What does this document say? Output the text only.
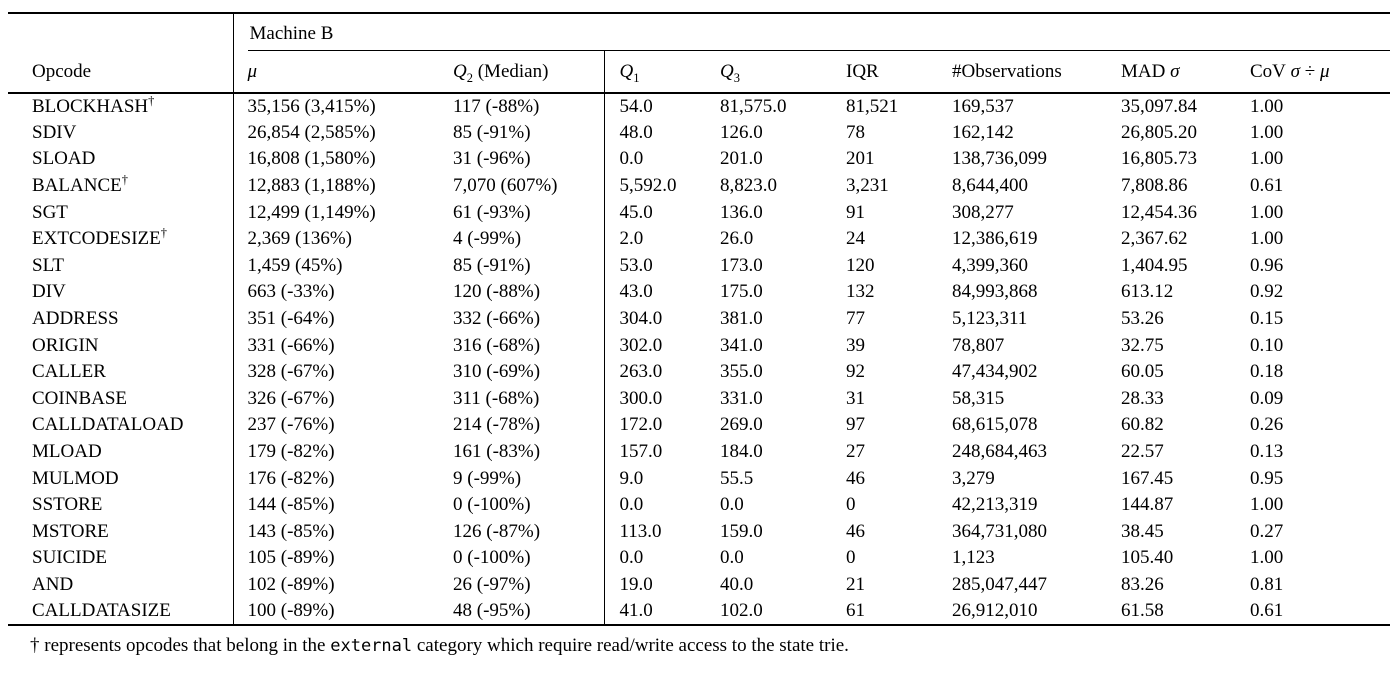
	Machine B							

Opcode	μ	$Q_2$ (Median)	$Q_1$	$Q_3$	IQR	#Observations	MAD σ	CoV σ ÷ μ
BLOCKHASH†	35,156 (3,415%)	117 (-88%)	54.0	81,575.0	81,521	169,537	35,097.84	1.00
SDIV	26,854 (2,585%)	85 (-91%)	48.0	126.0	78	162,142	26,805.20	1.00
SLOAD	16,808 (1,580%)	31 (-96%)	0.0	201.0	201	138,736,099	16,805.73	1.00
BALANCE†	12,883 (1,188%)	7,070 (607%)	5,592.0	8,823.0	3,231	8,644,400	7,808.86	0.61
SGT	12,499 (1,149%)	61 (-93%)	45.0	136.0	91	308,277	12,454.36	1.00
EXTCODESIZE†	2,369 (136%)	4 (-99%)	2.0	26.0	24	12,386,619	2,367.62	1.00
SLT	1,459 (45%)	85 (-91%)	53.0	173.0	120	4,399,360	1,404.95	0.96
DIV	663 (-33%)	120 (-88%)	43.0	175.0	132	84,993,868	613.12	0.92
ADDRESS	351 (-64%)	332 (-66%)	304.0	381.0	77	5,123,311	53.26	0.15
ORIGIN	331 (-66%)	316 (-68%)	302.0	341.0	39	78,807	32.75	0.10
CALLER	328 (-67%)	310 (-69%)	263.0	355.0	92	47,434,902	60.05	0.18
COINBASE	326 (-67%)	311 (-68%)	300.0	331.0	31	58,315	28.33	0.09
CALLDATALOAD	237 (-76%)	214 (-78%)	172.0	269.0	97	68,615,078	60.82	0.26
MLOAD	179 (-82%)	161 (-83%)	157.0	184.0	27	248,684,463	22.57	0.13
MULMOD	176 (-82%)	9 (-99%)	9.0	55.5	46	3,279	167.45	0.95
SSTORE	144 (-85%)	0 (-100%)	0.0	0.0	0	42,213,319	144.87	1.00
MSTORE	143 (-85%)	126 (-87%)	113.0	159.0	46	364,731,080	38.45	0.27
SUICIDE	105 (-89%)	0 (-100%)	0.0	0.0	0	1,123	105.40	1.00
AND	102 (-89%)	26 (-97%)	19.0	40.0	21	285,047,447	83.26	0.81
CALLDATASIZE	100 (-89%)	48 (-95%)	41.0	102.0	61	26,912,010	61.58	0.61
† represents opcodes that belong in the external category which require read/write access to the state trie.
